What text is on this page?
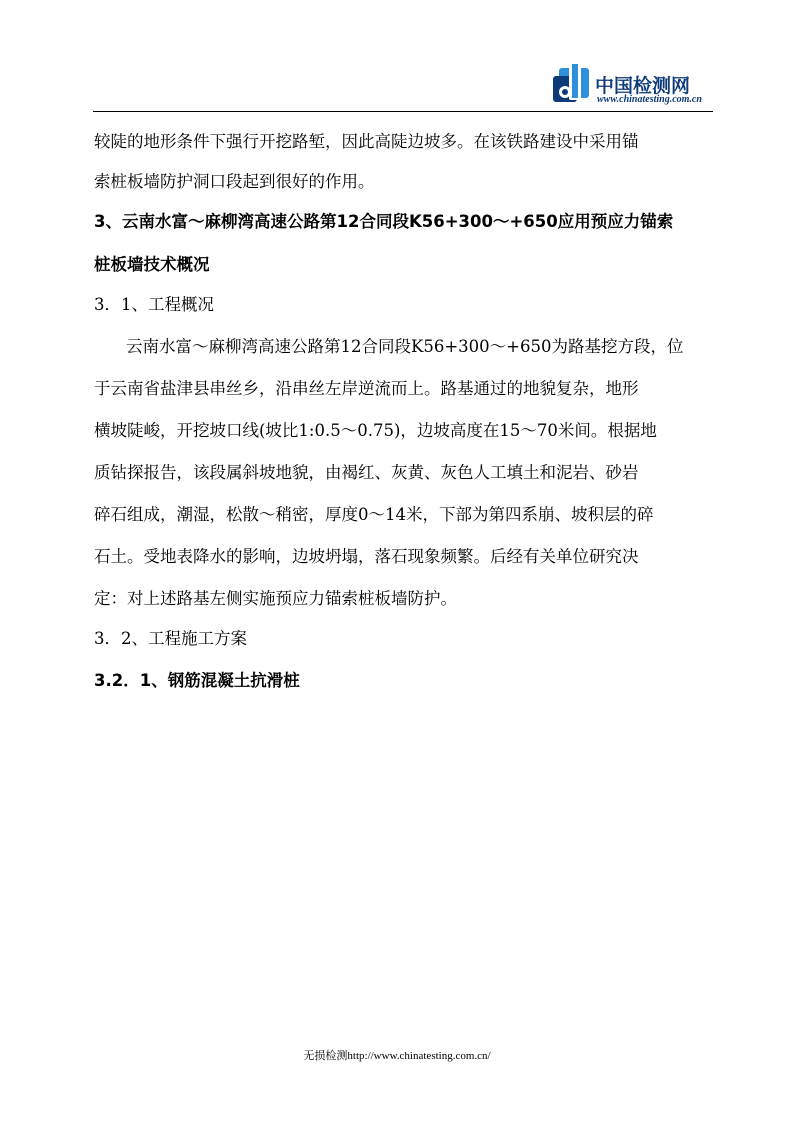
中国检测网
www.chinatesting.com.cn
较陡的地形条件下强行开挖路堑，因此高陡边坡多。在该铁路建设中采用锚
索桩板墙防护洞口段起到很好的作用。
3、云南水富～麻柳湾高速公路第12合同段K56+300～+650应用预应力锚索
桩板墙技术概况
3．1、工程概况
云南水富～麻柳湾高速公路第12合同段K56+300～+650为路基挖方段，位
于云南省盐津县串丝乡，沿串丝左岸逆流而上。路基通过的地貌复杂，地形
横坡陡峻，开挖坡口线(坡比1:0.5～0.75)，边坡高度在15～70米间。根据地
质钻探报告，该段属斜坡地貌，由褐红、灰黄、灰色人工填土和泥岩、砂岩
碎石组成，潮湿，松散～稍密，厚度0～14米，下部为第四系崩、坡积层的碎
石土。受地表降水的影响，边坡坍塌，落石现象频繁。后经有关单位研究决
定：对上述路基左侧实施预应力锚索桩板墙防护。
3．2、工程施工方案
3.2．1、钢筋混凝土抗滑桩
无损检测http://www.chinatesting.com.cn/
